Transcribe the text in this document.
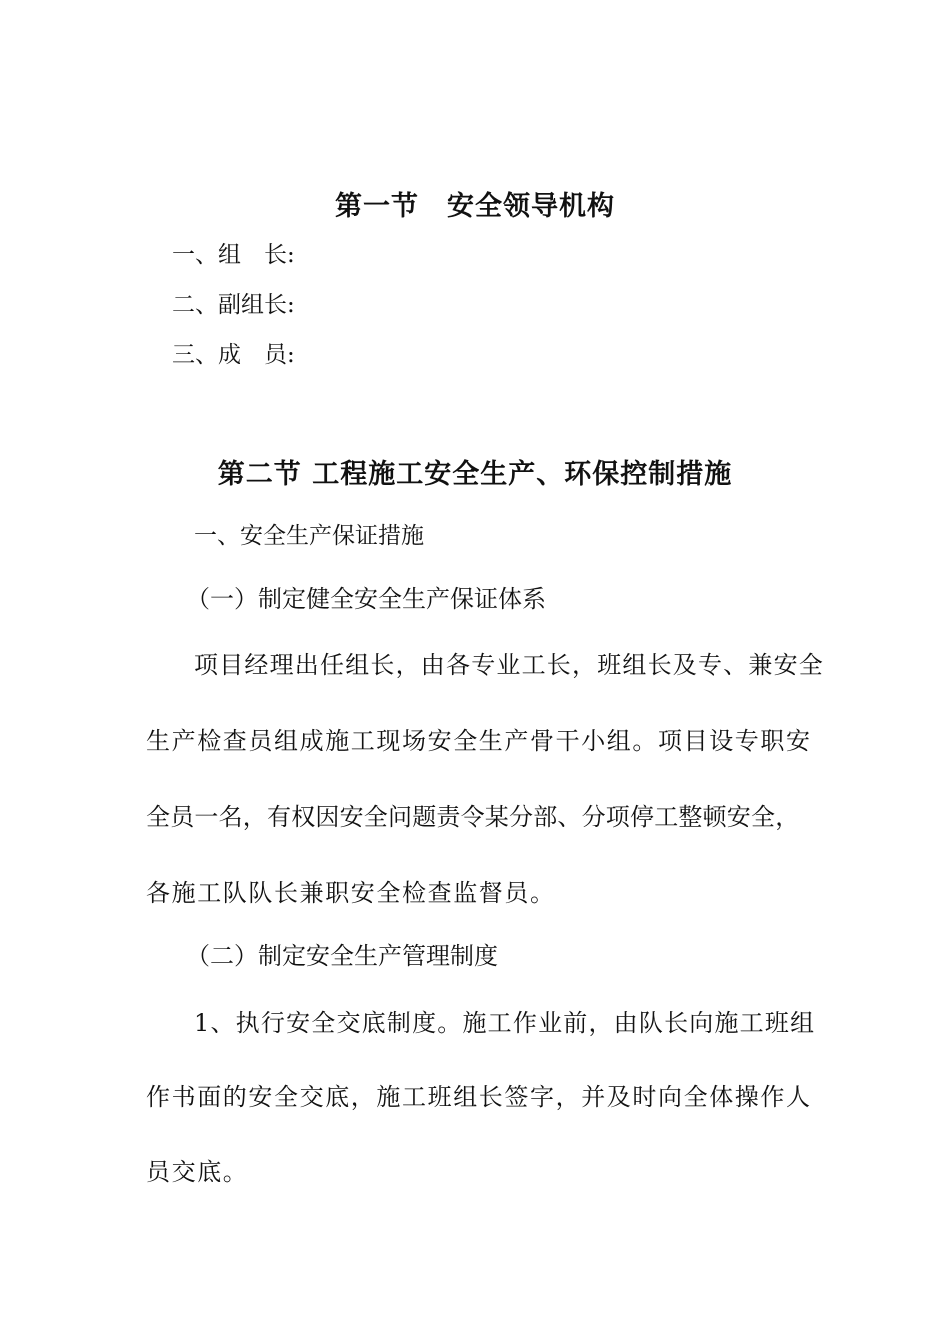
第一节　安全领导机构
一、组　长:
二、副组长:
三、成　员:
第二节 工程施工安全生产、环保控制措施
一、安全生产保证措施
（一）制定健全安全生产保证体系
项目经理出任组长，由各专业工长，班组长及专、兼安全
生产检查员组成施工现场安全生产骨干小组。项目设专职安
全员一名，有权因安全问题责令某分部、分项停工整顿安全，
各施工队队长兼职安全检查监督员。
（二）制定安全生产管理制度
1、执行安全交底制度。施工作业前，由队长向施工班组
作书面的安全交底，施工班组长签字，并及时向全体操作人
员交底。
